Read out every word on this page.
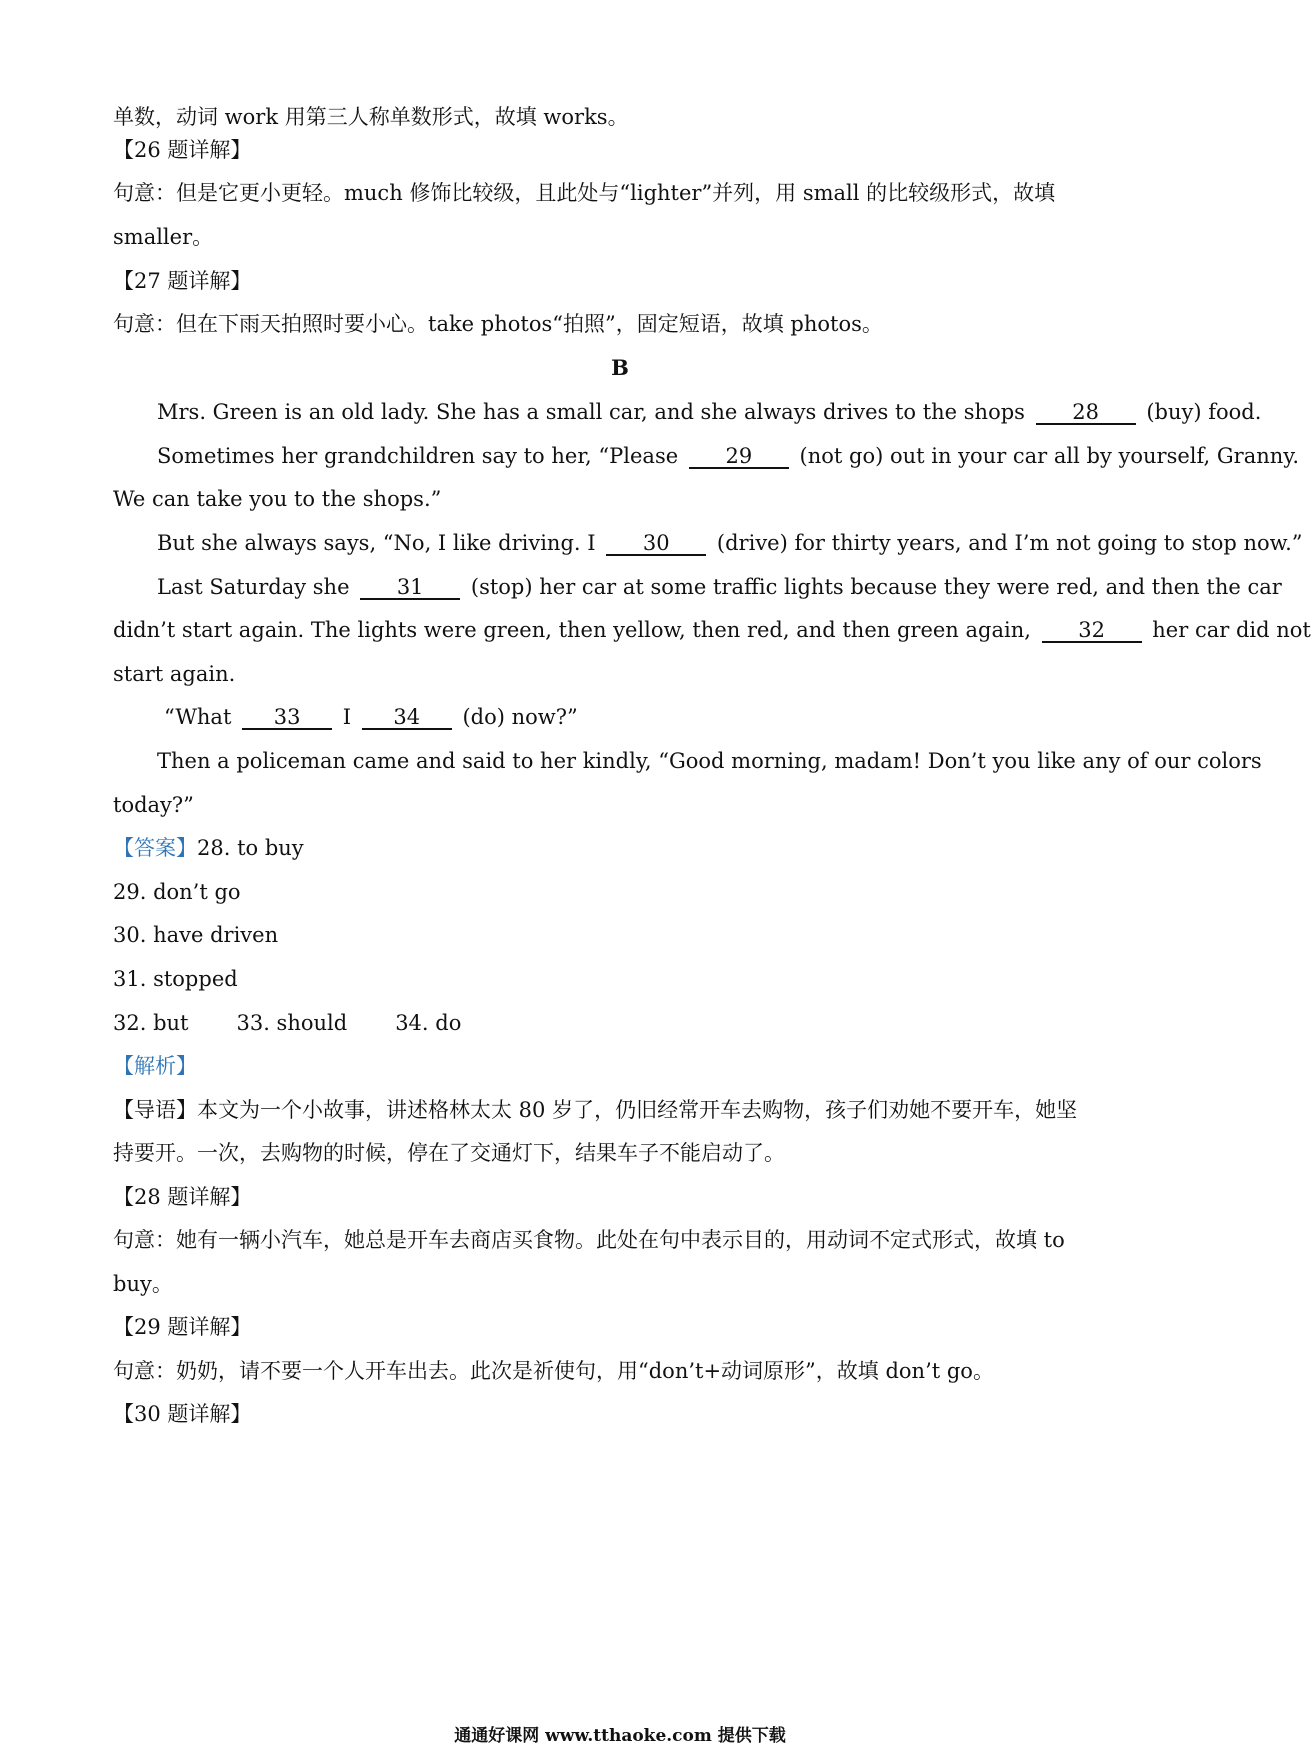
单数，动词 work 用第三人称单数形式，故填 works。
【26 题详解】
句意：但是它更小更轻。much 修饰比较级，且此处与“lighter”并列，用 small 的比较级形式，故填
smaller。
【27 题详解】
句意：但在下雨天拍照时要小心。take photos“拍照”，固定短语，故填 photos。
B
Mrs. Green is an old lady. She has a small car, and she always drives to the shops 28 (buy) food.
Sometimes her grandchildren say to her, “Please 29 (not go) out in your car all by yourself, Granny.
We can take you to the shops.”
But she always says, “No, I like driving. I 30 (drive) for thirty years, and I’m not going to stop now.”
Last Saturday she 31 (stop) her car at some traffic lights because they were red, and then the car
didn’t start again. The lights were green, then yellow, then red, and then green again, 32 her car did not
start again.
“What 33 I 34 (do) now?”
Then a policeman came and said to her kindly, “Good morning, madam! Don’t you like any of our colors
today?”
【答案】28. to buy
29. don’t go
30. have driven
31. stopped
32. but 33. should 34. do
【解析】
【导语】本文为一个小故事，讲述格林太太 80 岁了，仍旧经常开车去购物，孩子们劝她不要开车，她坚
持要开。一次，去购物的时候，停在了交通灯下，结果车子不能启动了。
【28 题详解】
句意：她有一辆小汽车，她总是开车去商店买食物。此处在句中表示目的，用动词不定式形式，故填 to
buy。
【29 题详解】
句意：奶奶，请不要一个人开车出去。此次是祈使句，用“don’t+动词原形”，故填 don’t go。
【30 题详解】
通通好课网 www.tthaoke.com 提供下载
